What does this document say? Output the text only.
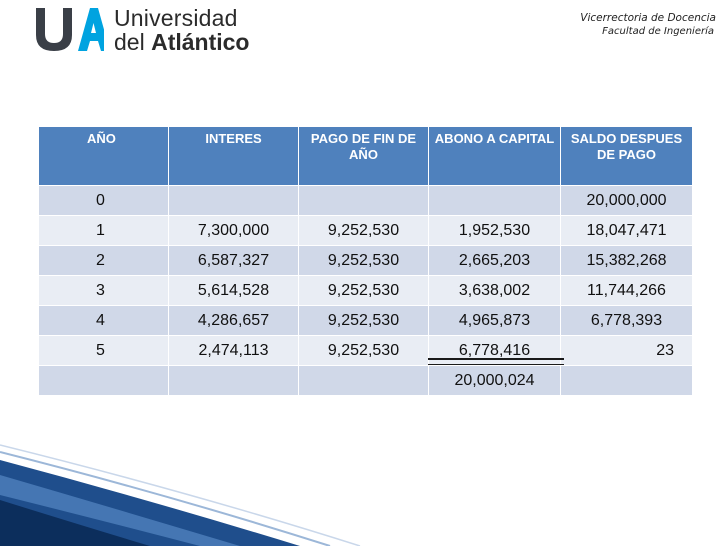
Universidad
del Atlántico
Vicerrectoria de Docencia
Facultad de Ingeniería
AÑO	INTERES	PAGO DE FIN DE AÑO	ABONO A CAPITAL	SALDO DESPUES DE PAGO
0				20,000,000
1	7,300,000	9,252,530	1,952,530	18,047,471
2	6,587,327	9,252,530	2,665,203	15,382,268
3	5,614,528	9,252,530	3,638,002	11,744,266
4	4,286,657	9,252,530	4,965,873	6,778,393
5	2,474,113	9,252,530	6,778,416	23
			20,000,024	
